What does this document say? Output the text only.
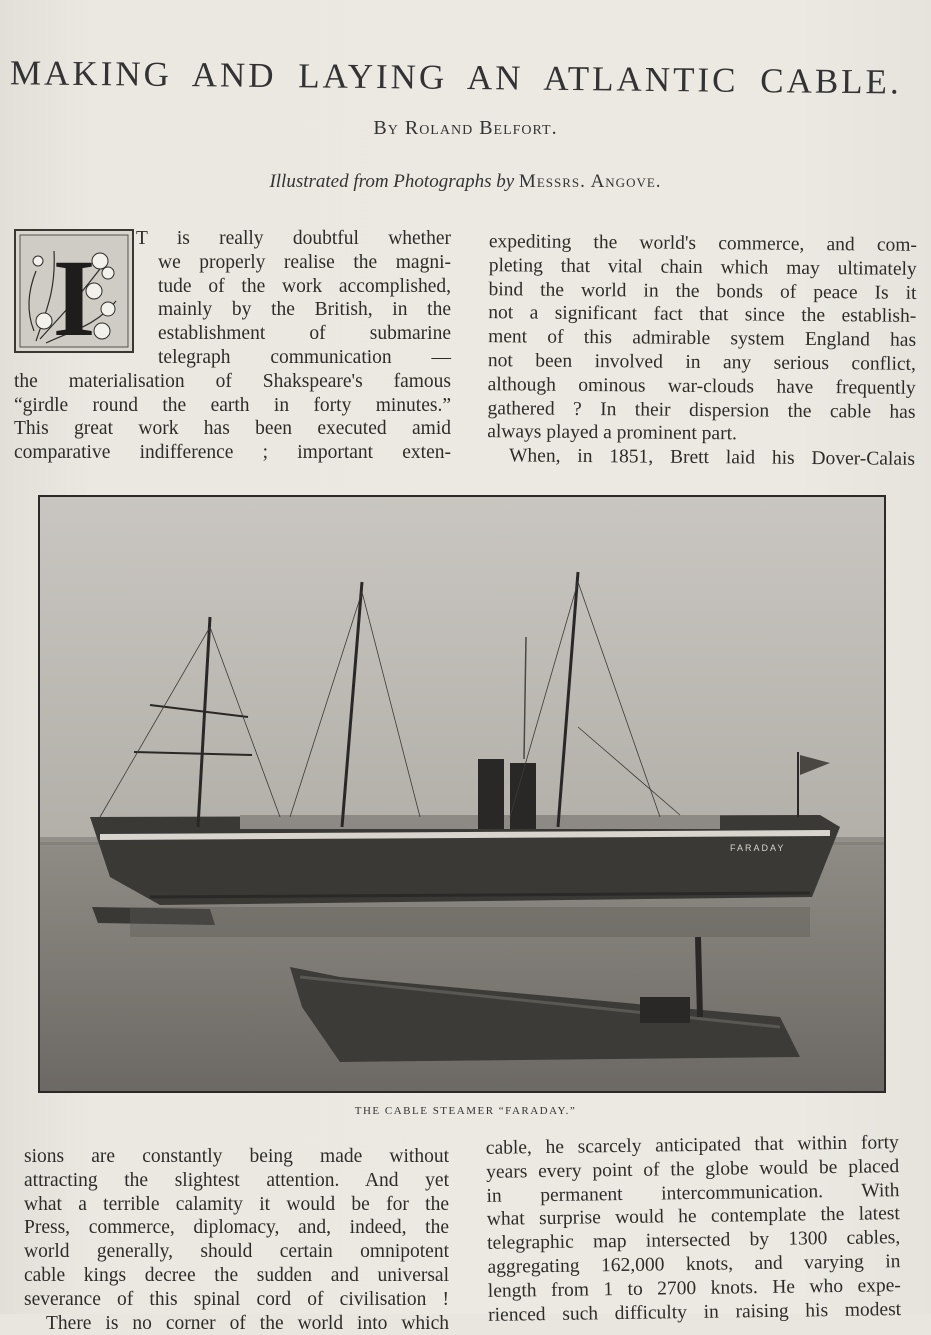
MAKING AND LAYING AN ATLANTIC CABLE.
By Roland Belfort.
Illustrated from Photographs by Messrs. Angove.
I T is really doubtful whether
we properly realise the magni-
tude of the work accomplished,
mainly by the British, in the
establishment of submarine
telegraph communication —
the materialisation of Shakspeare's famous
“girdle round the earth in forty minutes.”
This great work has been executed amid
comparative indifference ; important exten-
expediting the world's commerce, and com-
pleting that vital chain which may ultimately
bind the world in the bonds of peace Is it
not a significant fact that since the establish-
ment of this admirable system England has
not been involved in any serious conflict,
although ominous war-clouds have frequently
gathered ? In their dispersion the cable has
always played a prominent part.
When, in 1851, Brett laid his Dover-Calais
FARADAY
THE CABLE STEAMER “FARADAY.”
sions are constantly being made without
attracting the slightest attention. And yet
what a terrible calamity it would be for the
Press, commerce, diplomacy, and, indeed, the
world generally, should certain omnipotent
cable kings decree the sudden and universal
severance of this spinal cord of civilisation !
There is no corner of the world into which
cable, he scarcely anticipated that within forty
years every point of the globe would be placed
in permanent intercommunication. With
what surprise would he contemplate the latest
telegraphic map intersected by 1300 cables,
aggregating 162,000 knots, and varying in
length from 1 to 2700 knots. He who expe-
rienced such difficulty in raising his modest
